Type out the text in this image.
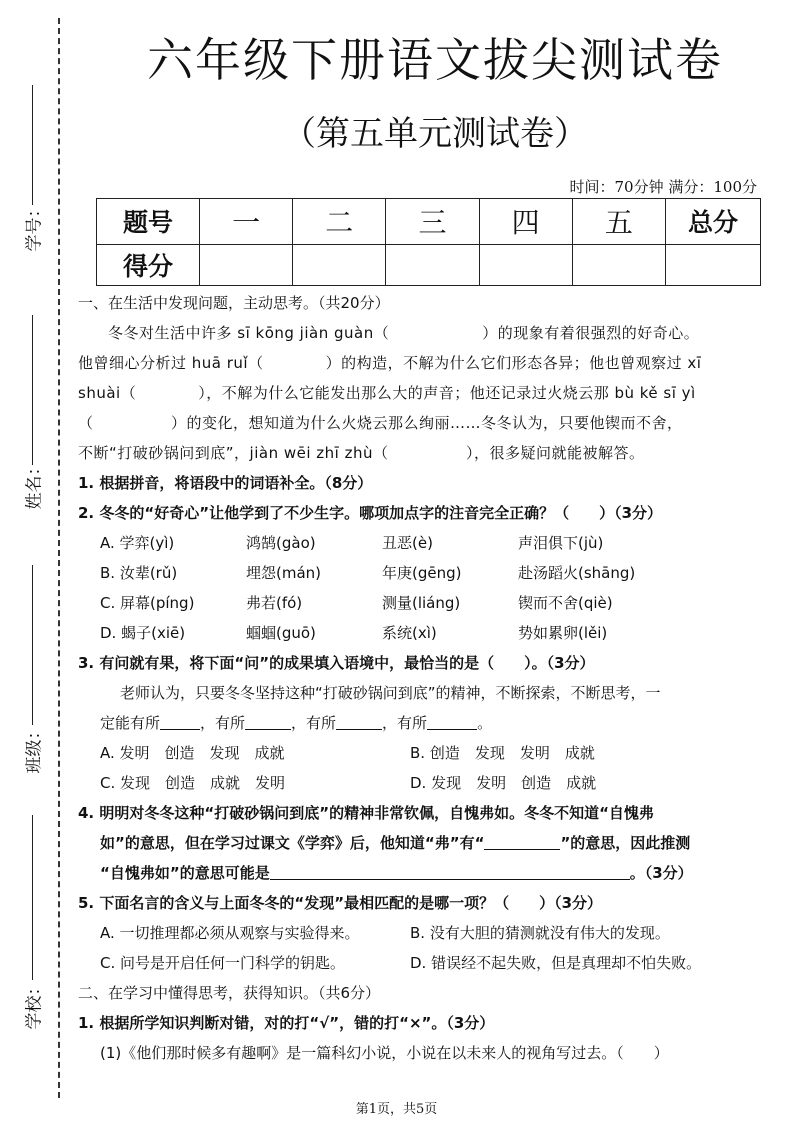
学号：
姓名：
班级：
学校：
六年级下册语文拔尖测试卷
（第五单元测试卷）
时间：70分钟 满分：100分
题号	一	二	三	四	五	总分
得分						
一、在生活中发现问题，主动思考。（共20分）
冬冬对生活中许多 sī kōng jiàn guàn（　　　　　　）的现象有着很强烈的好奇心。
他曾细心分析过 huā ruǐ（　　　　）的构造，不解为什么它们形态各异；他也曾观察过 xī
shuài（　　　　），不解为什么它能发出那么大的声音；他还记录过火烧云那 bù kě sī yì
（　　　　　）的变化，想知道为什么火烧云那么绚丽……冬冬认为，只要他锲而不舍，
不断“打破砂锅问到底”，jiàn wēi zhī zhù（　　　　　），很多疑问就能被解答。
1. 根据拼音，将语段中的词语补全。（8分）
2. 冬冬的“好奇心”让他学到了不少生字。哪项加点字的注音完全正确？（　　）（3分）
A. 学弈(yì)	鸿鹄(gào)	丑恶(è)	声泪俱下(jù)
B. 汝辈(rǔ)	埋怨(mán)	年庚(gēng)	赴汤蹈火(shāng)
C. 屏幕(píng)	弗若(fó)	测量(liáng)	锲而不舍(qiè)
D. 蝎子(xiē)	蝈蝈(guō)	系统(xì)	势如累卵(lěi)
3. 有问就有果，将下面“问”的成果填入语境中，最恰当的是（　　）。（3分）
老师认为，只要冬冬坚持这种“打破砂锅问到底”的精神，不断探索，不断思考，一
定能有所	，有所	，有所	，有所	。
A. 发明　创造　发现　成就	B. 创造　发现　发明　成就
C. 发现　创造　成就　发明	D. 发现　发明　创造　成就
4. 明明对冬冬这种“打破砂锅问到底”的精神非常钦佩，自愧弗如。冬冬不知道“自愧弗
如”的意思，但在学习过课文《学弈》后，他知道“弗”有“	”的意思，因此推测
“自愧弗如”的意思可能是	。（3分）
5. 下面名言的含义与上面冬冬的“发现”最相匹配的是哪一项？（　　）（3分）
A. 一切推理都必须从观察与实验得来。	B. 没有大胆的猜测就没有伟大的发现。
C. 问号是开启任何一门科学的钥匙。	D. 错误经不起失败，但是真理却不怕失败。
二、在学习中懂得思考，获得知识。（共6分）
1. 根据所学知识判断对错，对的打“√”，错的打“×”。（3分）
(1)《他们那时候多有趣啊》是一篇科幻小说，小说在以未来人的视角写过去。（　　）
第1页，共5页
